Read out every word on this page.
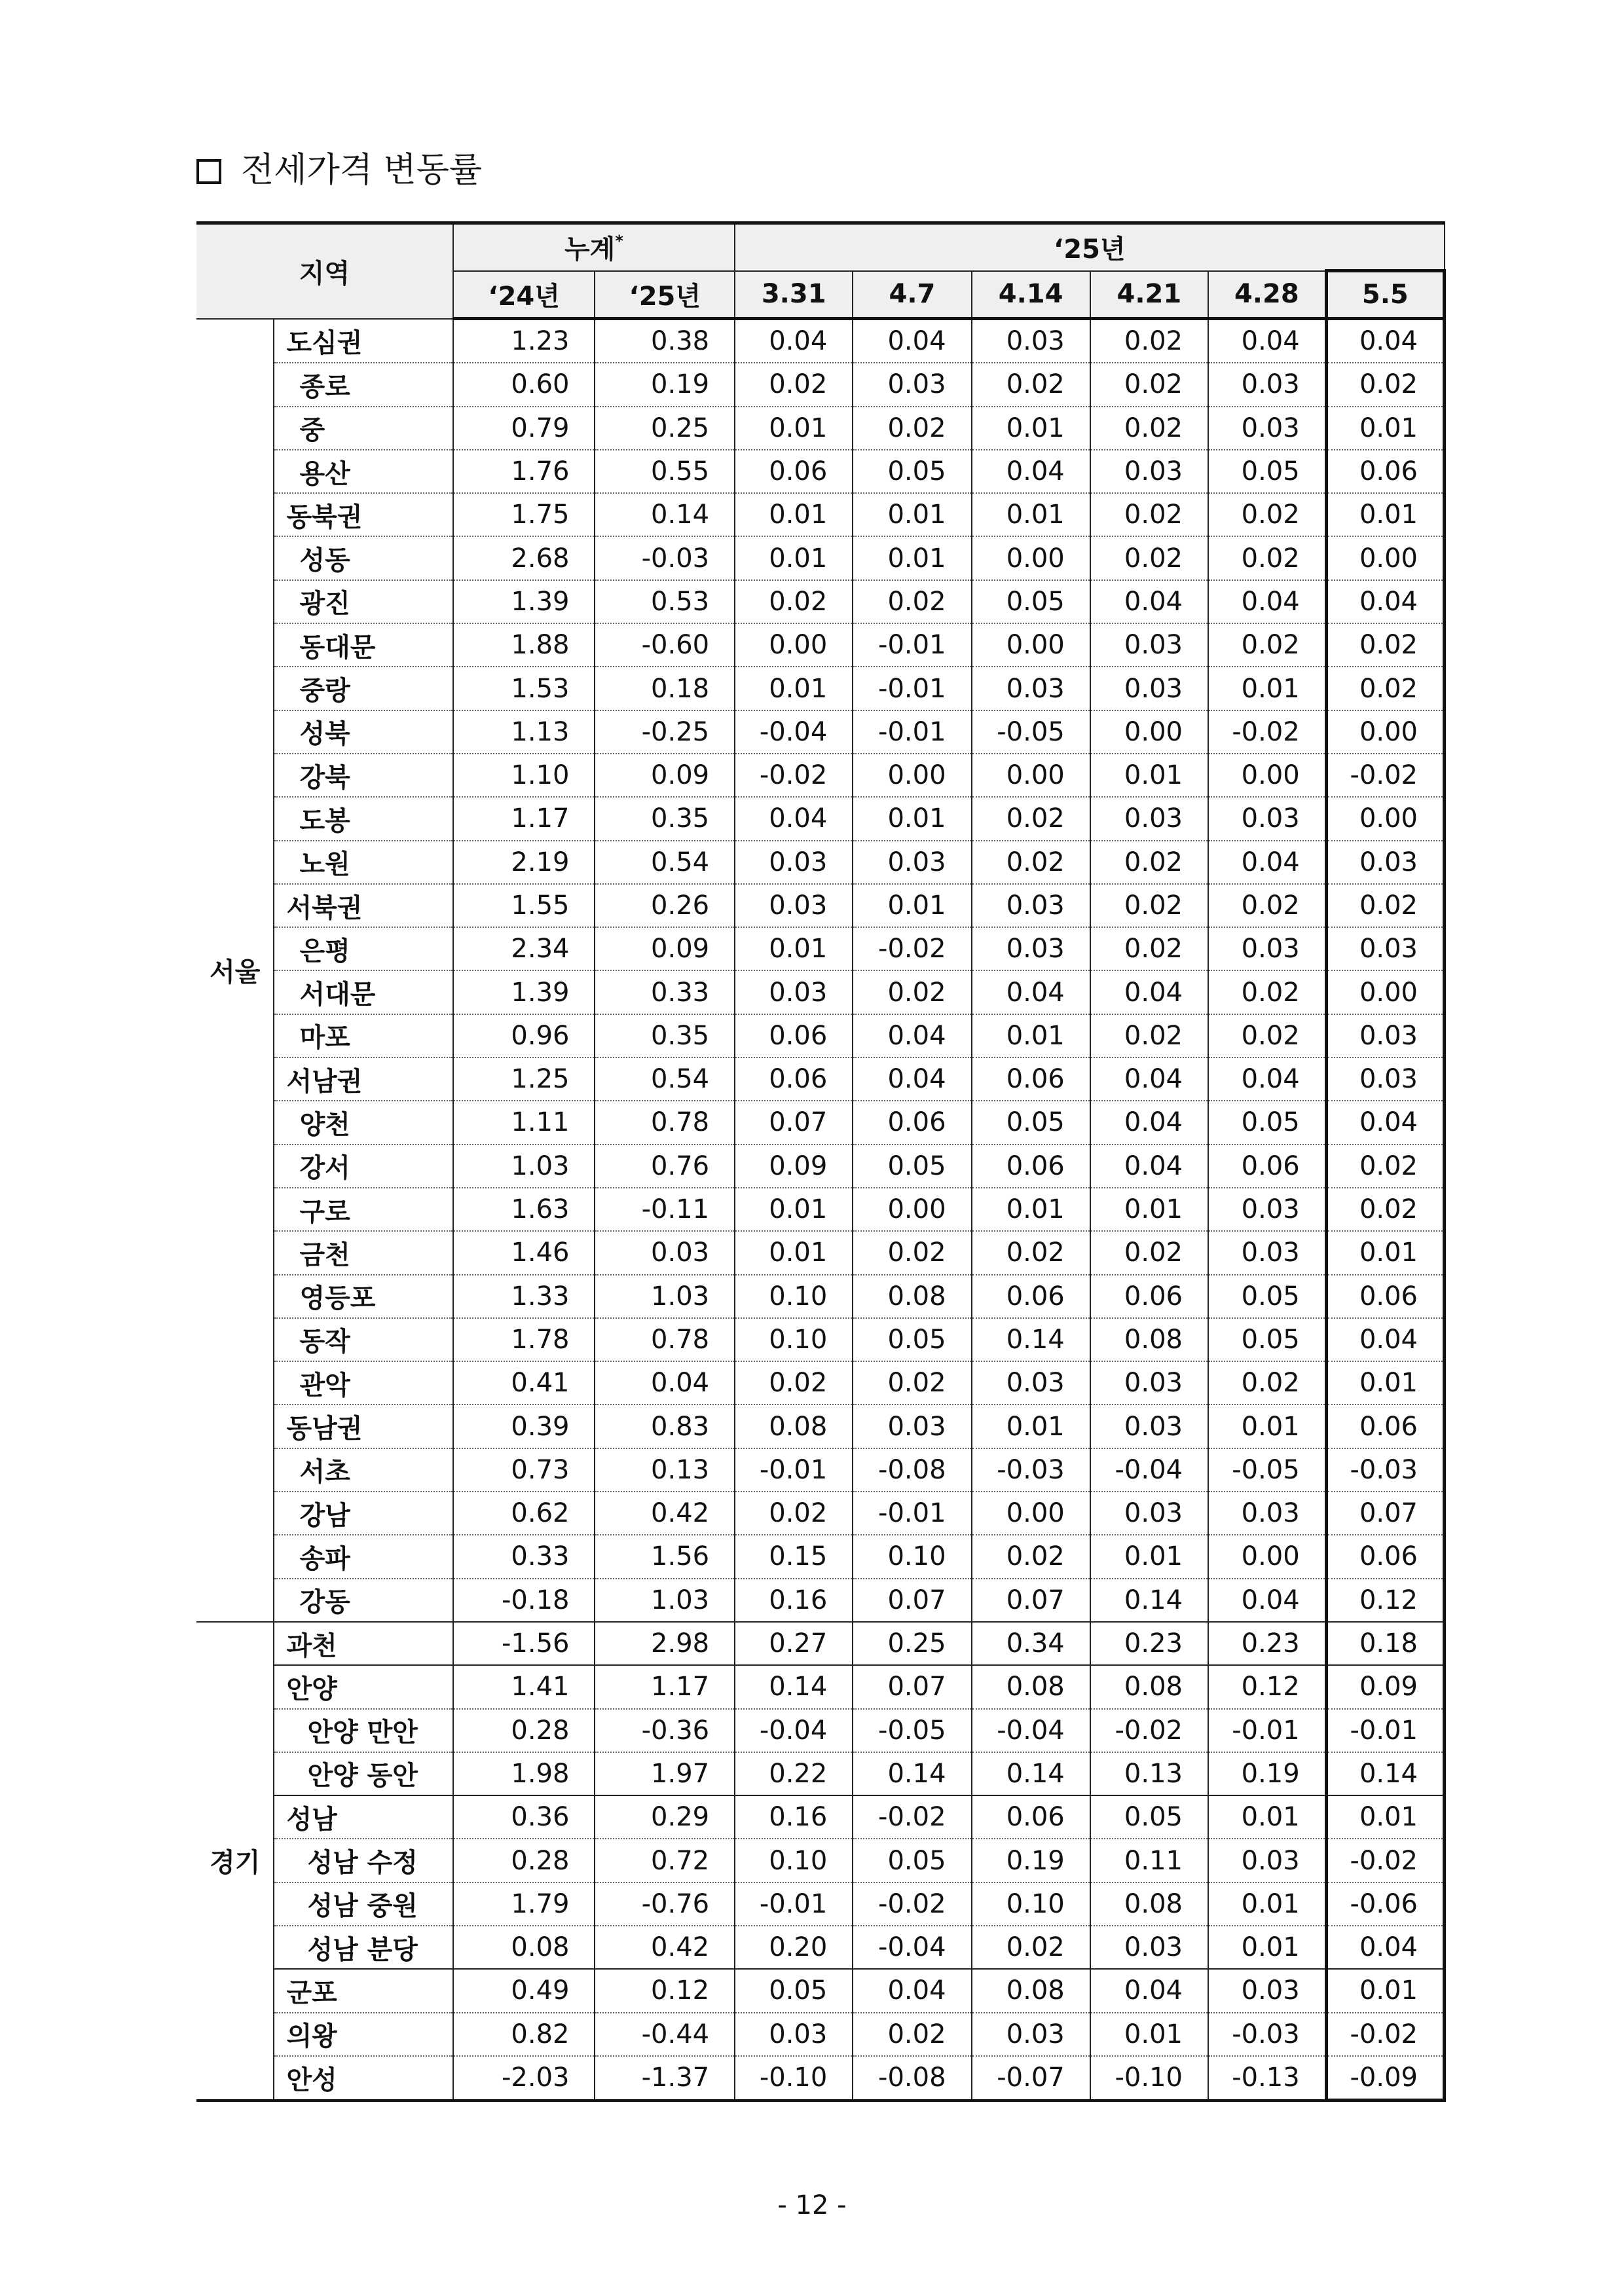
전세가격 변동률
지역		누계*		‘25년					
		‘24년	‘25년	3.31	4.7	4.14	4.21	4.28	5.5
서울	도심권	1.23	0.38	0.04	0.04	0.03	0.02	0.04	0.04
	종로	0.60	0.19	0.02	0.03	0.02	0.02	0.03	0.02
	중	0.79	0.25	0.01	0.02	0.01	0.02	0.03	0.01
	용산	1.76	0.55	0.06	0.05	0.04	0.03	0.05	0.06
	동북권	1.75	0.14	0.01	0.01	0.01	0.02	0.02	0.01
	성동	2.68	-0.03	0.01	0.01	0.00	0.02	0.02	0.00
	광진	1.39	0.53	0.02	0.02	0.05	0.04	0.04	0.04
	동대문	1.88	-0.60	0.00	-0.01	0.00	0.03	0.02	0.02
	중랑	1.53	0.18	0.01	-0.01	0.03	0.03	0.01	0.02
	성북	1.13	-0.25	-0.04	-0.01	-0.05	0.00	-0.02	0.00
	강북	1.10	0.09	-0.02	0.00	0.00	0.01	0.00	-0.02
	도봉	1.17	0.35	0.04	0.01	0.02	0.03	0.03	0.00
	노원	2.19	0.54	0.03	0.03	0.02	0.02	0.04	0.03
	서북권	1.55	0.26	0.03	0.01	0.03	0.02	0.02	0.02
	은평	2.34	0.09	0.01	-0.02	0.03	0.02	0.03	0.03
	서대문	1.39	0.33	0.03	0.02	0.04	0.04	0.02	0.00
	마포	0.96	0.35	0.06	0.04	0.01	0.02	0.02	0.03
	서남권	1.25	0.54	0.06	0.04	0.06	0.04	0.04	0.03
	양천	1.11	0.78	0.07	0.06	0.05	0.04	0.05	0.04
	강서	1.03	0.76	0.09	0.05	0.06	0.04	0.06	0.02
	구로	1.63	-0.11	0.01	0.00	0.01	0.01	0.03	0.02
	금천	1.46	0.03	0.01	0.02	0.02	0.02	0.03	0.01
	영등포	1.33	1.03	0.10	0.08	0.06	0.06	0.05	0.06
	동작	1.78	0.78	0.10	0.05	0.14	0.08	0.05	0.04
	관악	0.41	0.04	0.02	0.02	0.03	0.03	0.02	0.01
	동남권	0.39	0.83	0.08	0.03	0.01	0.03	0.01	0.06
	서초	0.73	0.13	-0.01	-0.08	-0.03	-0.04	-0.05	-0.03
	강남	0.62	0.42	0.02	-0.01	0.00	0.03	0.03	0.07
	송파	0.33	1.56	0.15	0.10	0.02	0.01	0.00	0.06
	강동	-0.18	1.03	0.16	0.07	0.07	0.14	0.04	0.12
경기	과천	-1.56	2.98	0.27	0.25	0.34	0.23	0.23	0.18
	안양	1.41	1.17	0.14	0.07	0.08	0.08	0.12	0.09
	안양 만안	0.28	-0.36	-0.04	-0.05	-0.04	-0.02	-0.01	-0.01
	안양 동안	1.98	1.97	0.22	0.14	0.14	0.13	0.19	0.14
	성남	0.36	0.29	0.16	-0.02	0.06	0.05	0.01	0.01
	성남 수정	0.28	0.72	0.10	0.05	0.19	0.11	0.03	-0.02
	성남 중원	1.79	-0.76	-0.01	-0.02	0.10	0.08	0.01	-0.06
	성남 분당	0.08	0.42	0.20	-0.04	0.02	0.03	0.01	0.04
	군포	0.49	0.12	0.05	0.04	0.08	0.04	0.03	0.01
	의왕	0.82	-0.44	0.03	0.02	0.03	0.01	-0.03	-0.02
	안성	-2.03	-1.37	-0.10	-0.08	-0.07	-0.10	-0.13	-0.09
- 12 -
